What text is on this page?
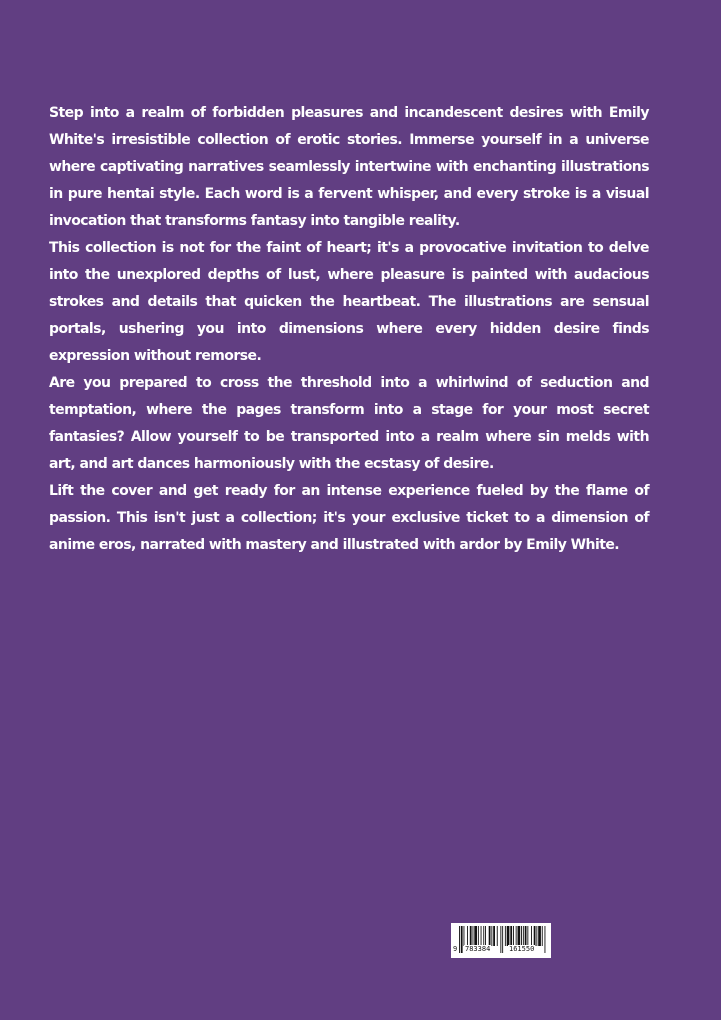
Step into a realm of forbidden pleasures and incandescent desires with Emily White's irresistible collection of erotic stories. Immerse yourself in a universe where captivating narratives seamlessly intertwine with enchanting illustrations in pure hentai style. Each word is a fervent whisper, and every stroke is a visual invocation that transforms fantasy into tangible reality.

This collection is not for the faint of heart; it's a provocative invitation to delve into the unexplored depths of lust, where pleasure is painted with audacious strokes and details that quicken the heartbeat. The illustrations are sensual portals, ushering you into dimensions where every hidden desire finds expression without remorse.

Are you prepared to cross the threshold into a whirlwind of seduction and temptation, where the pages transform into a stage for your most secret fantasies? Allow yourself to be transported into a realm where sin melds with art, and art dances harmoniously with the ecstasy of desire.

Lift the cover and get ready for an intense experience fueled by the flame of passion. This isn't just a collection; it's your exclusive ticket to a dimension of anime eros, narrated with mastery and illustrated with ardor by Emily White.

9 783384	161550
